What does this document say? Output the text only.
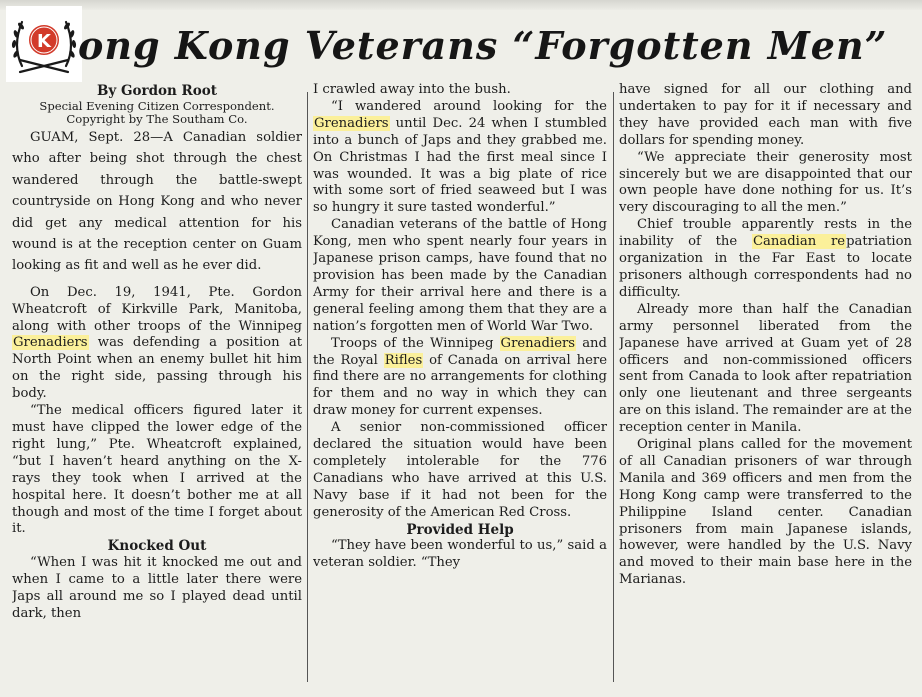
K ong Kong Veterans “Forgotten Men”

By Gordon Root

Special Evening Citizen Correspondent.

Copyright by The Southam Co.

GUAM, Sept. 28—A Canadian soldier who after being shot through the chest wandered through the battle-swept countryside on Hong Kong and who never did get any medical attention for his wound is at the reception center on Guam looking as fit and well as he ever did.

On Dec. 19, 1941, Pte. Gordon Wheatcroft of Kirkville Park, Manitoba, along with other troops of the Winnipeg Grenadiers was defending a position at North Point when an enemy bullet hit him on the right side, passing through his body.

“The medical officers figured later it must have clipped the lower edge of the right lung,” Pte. Wheatcroft explained, “but I haven’t heard anything on the X-rays they took when I arrived at the hospital here. It doesn’t bother me at all though and most of the time I forget about it.

Knocked Out

“When I was hit it knocked me out and when I came to a little later there were Japs all around me so I played dead until dark, then

I crawled away into the bush.

“I wandered around looking for the Grenadiers until Dec. 24 when I stumbled into a bunch of Japs and they grabbed me. On Christmas I had the first meal since I was wounded. It was a big plate of rice with some sort of fried seaweed but I was so hungry it sure tasted wonderful.”

Canadian veterans of the battle of Hong Kong, men who spent nearly four years in Japanese prison camps, have found that no provision has been made by the Canadian Army for their arrival here and there is a general feeling among them that they are a nation’s forgotten men of World War Two.

Troops of the Winnipeg Grenadiers and the Royal Rifles of Canada on arrival here find there are no arrangements for clothing for them and no way in which they can draw money for current expenses.

A senior non-commissioned officer declared the situation would have been completely intolerable for the 776 Canadians who have arrived at this U.S. Navy base if it had not been for the generosity of the American Red Cross.

Provided Help

“They have been wonderful to us,” said a veteran soldier. “They

have signed for all our clothing and undertaken to pay for it if necessary and they have provided each man with five dollars for spending money.

“We appreciate their generosity most sincerely but we are disappointed that our own people have done nothing for us. It’s very discouraging to all the men.”

Chief trouble apparently rests in the inability of the Canadian repatriation organization in the Far East to locate prisoners although correspondents had no difficulty.

Already more than half the Canadian army personnel liberated from the Japanese have arrived at Guam yet of 28 officers and non-commissioned officers sent from Canada to look after repatriation only one lieutenant and three sergeants are on this island. The remainder are at the reception center in Manila.

Original plans called for the movement of all Canadian prisoners of war through Manila and 369 officers and men from the Hong Kong camp were transferred to the Philippine Island center. Canadian prisoners from main Japanese islands, however, were handled by the U.S. Navy and moved to their main base here in the Marianas.
